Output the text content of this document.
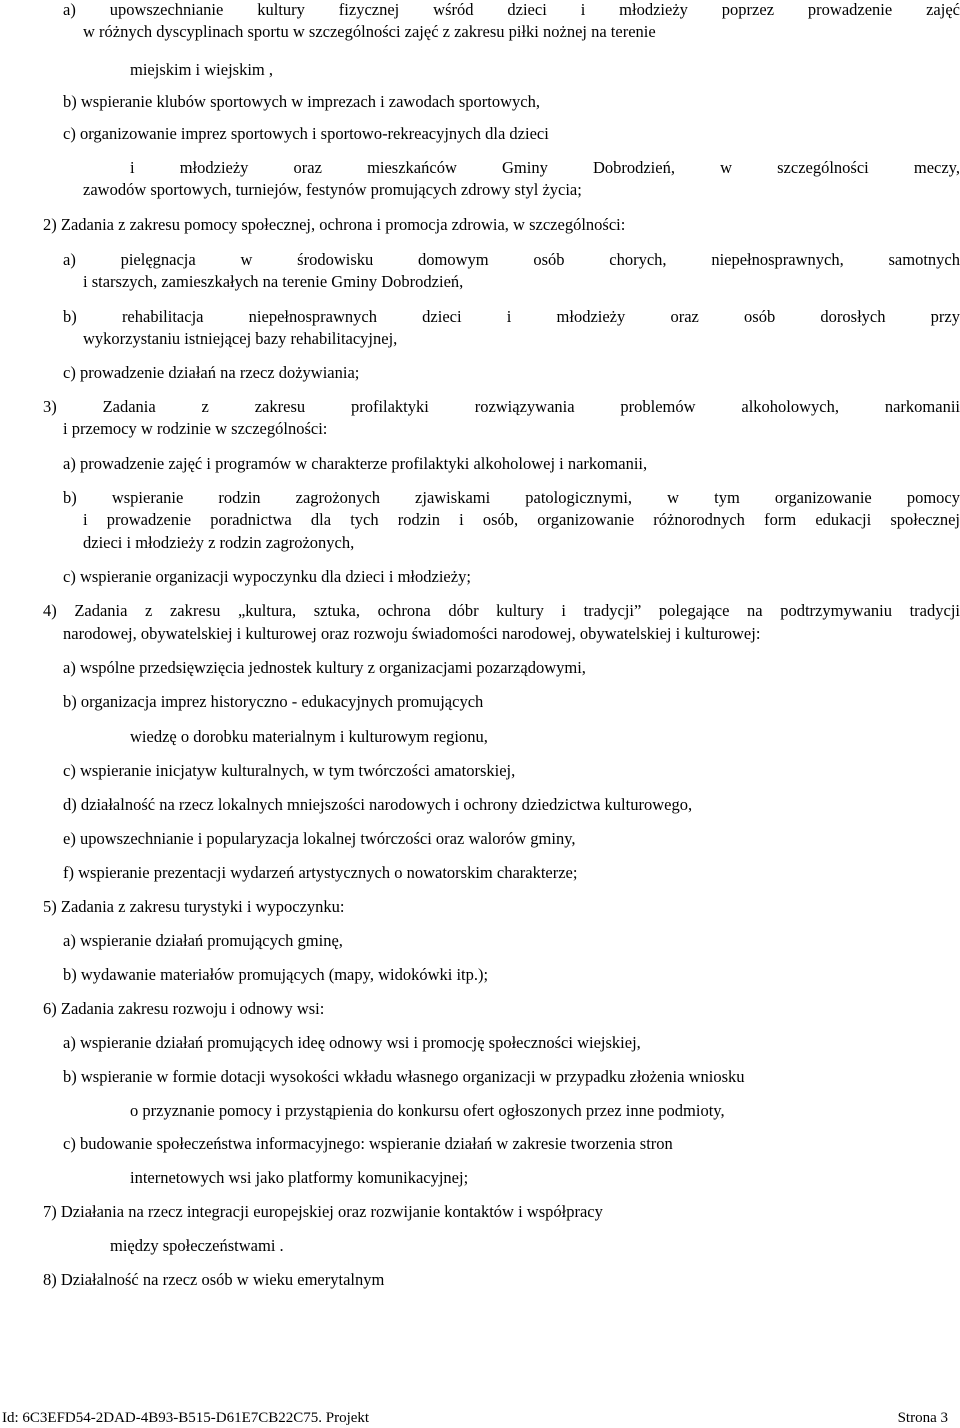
a) upowszechnianie kultury fizycznej wśród dzieci i młodzieży poprzez prowadzenie zajęć
w różnych dyscyplinach sportu w szczególności zajęć z zakresu piłki nożnej na terenie
miejskim i wiejskim ,
b) wspieranie klubów sportowych w imprezach i zawodach sportowych,
c) organizowanie imprez sportowych i sportowo-rekreacyjnych dla dzieci
i młodzieży oraz mieszkańców Gminy Dobrodzień, w szczególności meczy,
zawodów sportowych, turniejów, festynów promujących zdrowy styl życia;
2) Zadania z zakresu pomocy społecznej, ochrona i promocja zdrowia, w szczególności:
a) pielęgnacja w środowisku domowym osób chorych, niepełnosprawnych, samotnych
i starszych, zamieszkałych na terenie Gminy Dobrodzień,
b) rehabilitacja niepełnosprawnych dzieci i młodzieży oraz osób dorosłych przy
wykorzystaniu istniejącej bazy rehabilitacyjnej,
c) prowadzenie działań na rzecz dożywiania;
3) Zadania z zakresu profilaktyki rozwiązywania problemów alkoholowych, narkomanii
i przemocy w rodzinie w szczególności:
a) prowadzenie zajęć i programów w charakterze profilaktyki alkoholowej i narkomanii,
b) wspieranie rodzin zagrożonych zjawiskami patologicznymi, w tym organizowanie pomocy
i prowadzenie poradnictwa dla tych rodzin i osób, organizowanie różnorodnych form edukacji społecznej
dzieci i młodzieży z rodzin zagrożonych,
c) wspieranie organizacji wypoczynku dla dzieci i młodzieży;
4) Zadania z zakresu „kultura, sztuka, ochrona dóbr kultury i tradycji” polegające na podtrzymywaniu tradycji
narodowej, obywatelskiej i kulturowej oraz rozwoju świadomości narodowej, obywatelskiej i kulturowej:
a) wspólne przedsięwzięcia jednostek kultury z organizacjami pozarządowymi,
b) organizacja imprez historyczno - edukacyjnych promujących
wiedzę o dorobku materialnym i kulturowym regionu,
c) wspieranie inicjatyw kulturalnych, w tym twórczości amatorskiej,
d) działalność na rzecz lokalnych mniejszości narodowych i ochrony dziedzictwa kulturowego,
e) upowszechnianie i popularyzacja lokalnej twórczości oraz walorów gminy,
f) wspieranie prezentacji wydarzeń artystycznych o nowatorskim charakterze;
5) Zadania z zakresu turystyki i wypoczynku:
a) wspieranie działań promujących gminę,
b) wydawanie materiałów promujących (mapy, widokówki itp.);
6) Zadania zakresu rozwoju i odnowy wsi:
a) wspieranie działań promujących ideę odnowy wsi i promocję społeczności wiejskiej,
b) wspieranie w formie dotacji wysokości wkładu własnego organizacji w przypadku złożenia wniosku
o przyznanie pomocy i przystąpienia do konkursu ofert ogłoszonych przez inne podmioty,
c) budowanie społeczeństwa informacyjnego: wspieranie działań w zakresie tworzenia stron
internetowych wsi jako platformy komunikacyjnej;
7) Działania na rzecz integracji europejskiej oraz rozwijanie kontaktów i współpracy
między społeczeństwami .
8) Działalność na rzecz osób w wieku emerytalnym
Id: 6C3EFD54-2DAD-4B93-B515-D61E7CB22C75. Projekt	Strona 3
